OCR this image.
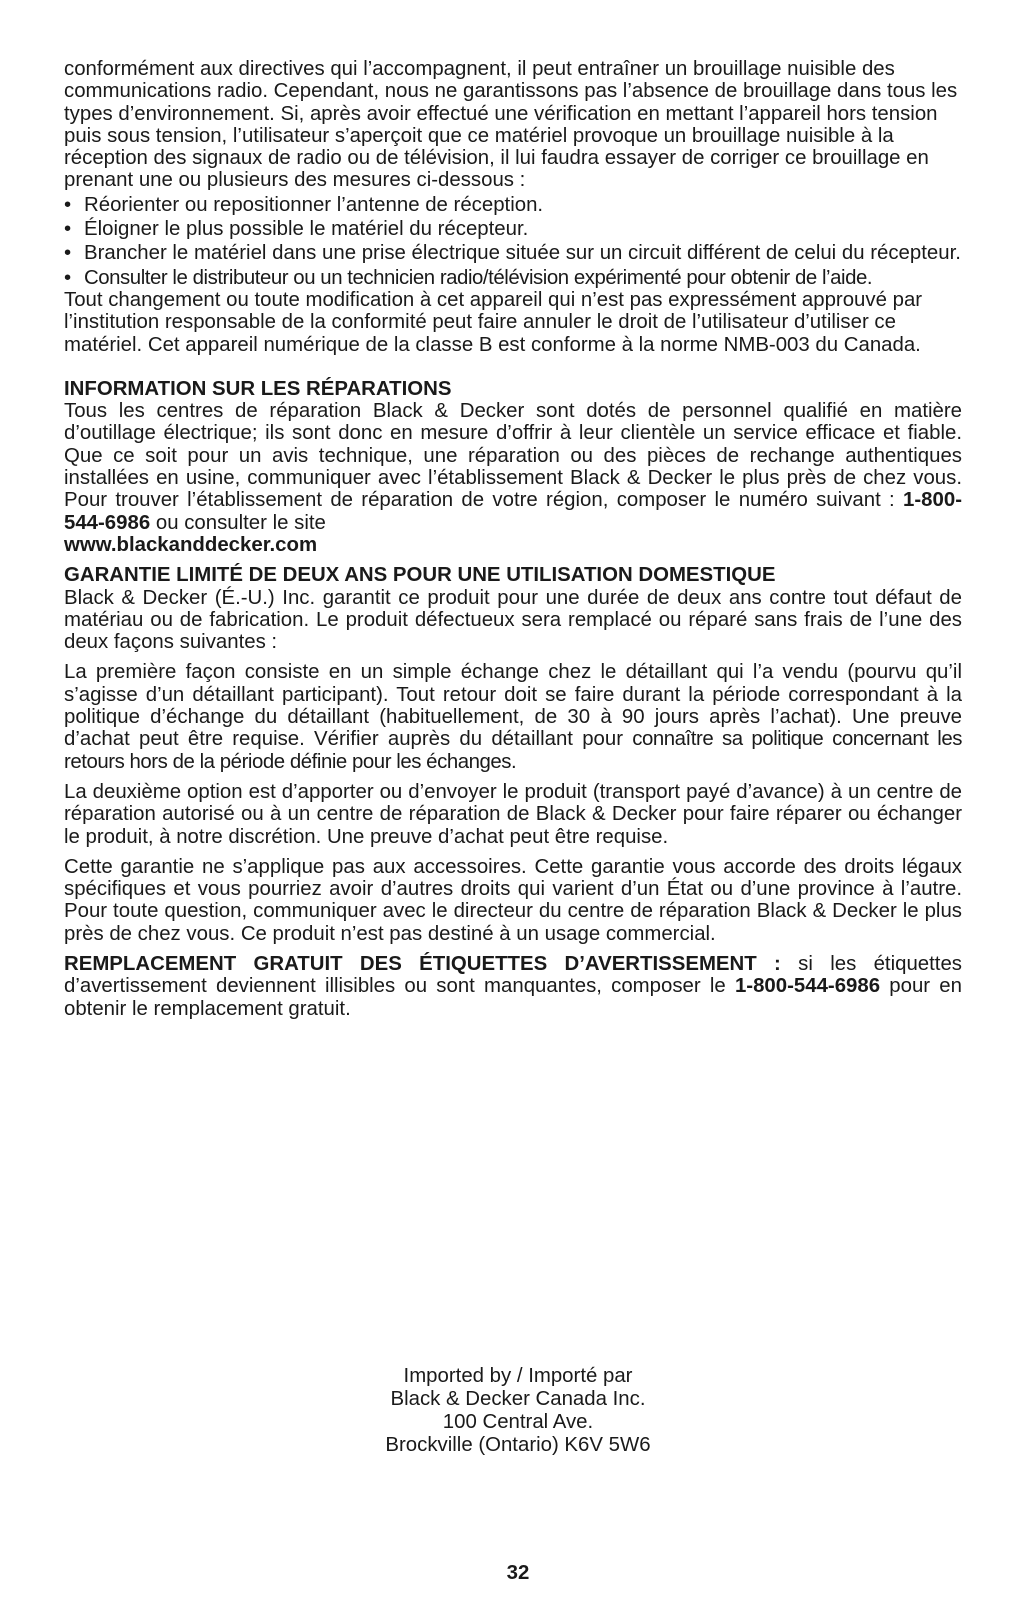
conformément aux directives qui l’accompagnent, il peut entraîner un brouillage nuisible des communications radio. Cependant, nous ne garantissons pas l’absence de brouillage dans tous les types d’environnement. Si, après avoir effectué une vérification en mettant l’appareil hors tension puis sous tension, l’utilisateur s’aperçoit que ce matériel provoque un brouillage nuisible à la réception des signaux de radio ou de télévision, il lui faudra essayer de corriger ce brouillage en prenant une ou plusieurs des mesures ci-dessous :

• Réorienter ou repositionner l’antenne de réception.

• Éloigner le plus possible le matériel du récepteur.

• Brancher le matériel dans une prise électrique située sur un circuit différent de celui du récepteur.

• Consulter le distributeur ou un technicien radio/télévision expérimenté pour obtenir de l’aide.

Tout changement ou toute modification à cet appareil qui n’est pas expressément approuvé par l’institution responsable de la conformité peut faire annuler le droit de l’utilisateur d’utiliser ce matériel. Cet appareil numérique de la classe B est conforme à la norme NMB-003 du Canada.

INFORMATION SUR LES RÉPARATIONS

Tous les centres de réparation Black & Decker sont dotés de personnel qualifié en matière d’outillage électrique; ils sont donc en mesure d’offrir à leur clientèle un service efficace et fiable. Que ce soit pour un avis technique, une réparation ou des pièces de rechange authentiques installées en usine, communiquer avec l’établissement Black & Decker le plus près de chez vous. Pour trouver l’établissement de réparation de votre région, composer le numéro suivant : 1-800-544-6986 ou consulter le site
www.blackanddecker.com

GARANTIE LIMITÉ DE DEUX ANS POUR UNE UTILISATION DOMESTIQUE

Black & Decker (É.-U.) Inc. garantit ce produit pour une durée de deux ans contre tout défaut de matériau ou de fabrication. Le produit défectueux sera remplacé ou réparé sans frais de l’une des deux façons suivantes :

La première façon consiste en un simple échange chez le détaillant qui l’a vendu (pourvu qu’il s’agisse d’un détaillant participant). Tout retour doit se faire durant la période correspondant à la politique d’échange du détaillant (habituellement, de 30 à 90 jours après l’achat). Une preuve d’achat peut être requise. Vérifier auprès du détaillant pour connaître sa politique concernant les retours hors de la période définie pour les échanges.

La deuxième option est d’apporter ou d’envoyer le produit (transport payé d’avance) à un centre de réparation autorisé ou à un centre de réparation de Black & Decker pour faire réparer ou échanger le produit, à notre discrétion. Une preuve d’achat peut être requise.

Cette garantie ne s’applique pas aux accessoires. Cette garantie vous accorde des droits légaux spécifiques et vous pourriez avoir d’autres droits qui varient d’un État ou d’une province à l’autre. Pour toute question, communiquer avec le directeur du centre de réparation Black & Decker le plus près de chez vous. Ce produit n’est pas destiné à un usage commercial.

REMPLACEMENT GRATUIT DES ÉTIQUETTES D’AVERTISSEMENT : si les étiquettes d’avertissement deviennent illisibles ou sont manquantes, composer le 1-800-544-6986 pour en obtenir le remplacement gratuit.

Imported by / Importé par
Black & Decker Canada Inc.
100 Central Ave.
Brockville (Ontario) K6V 5W6
32
